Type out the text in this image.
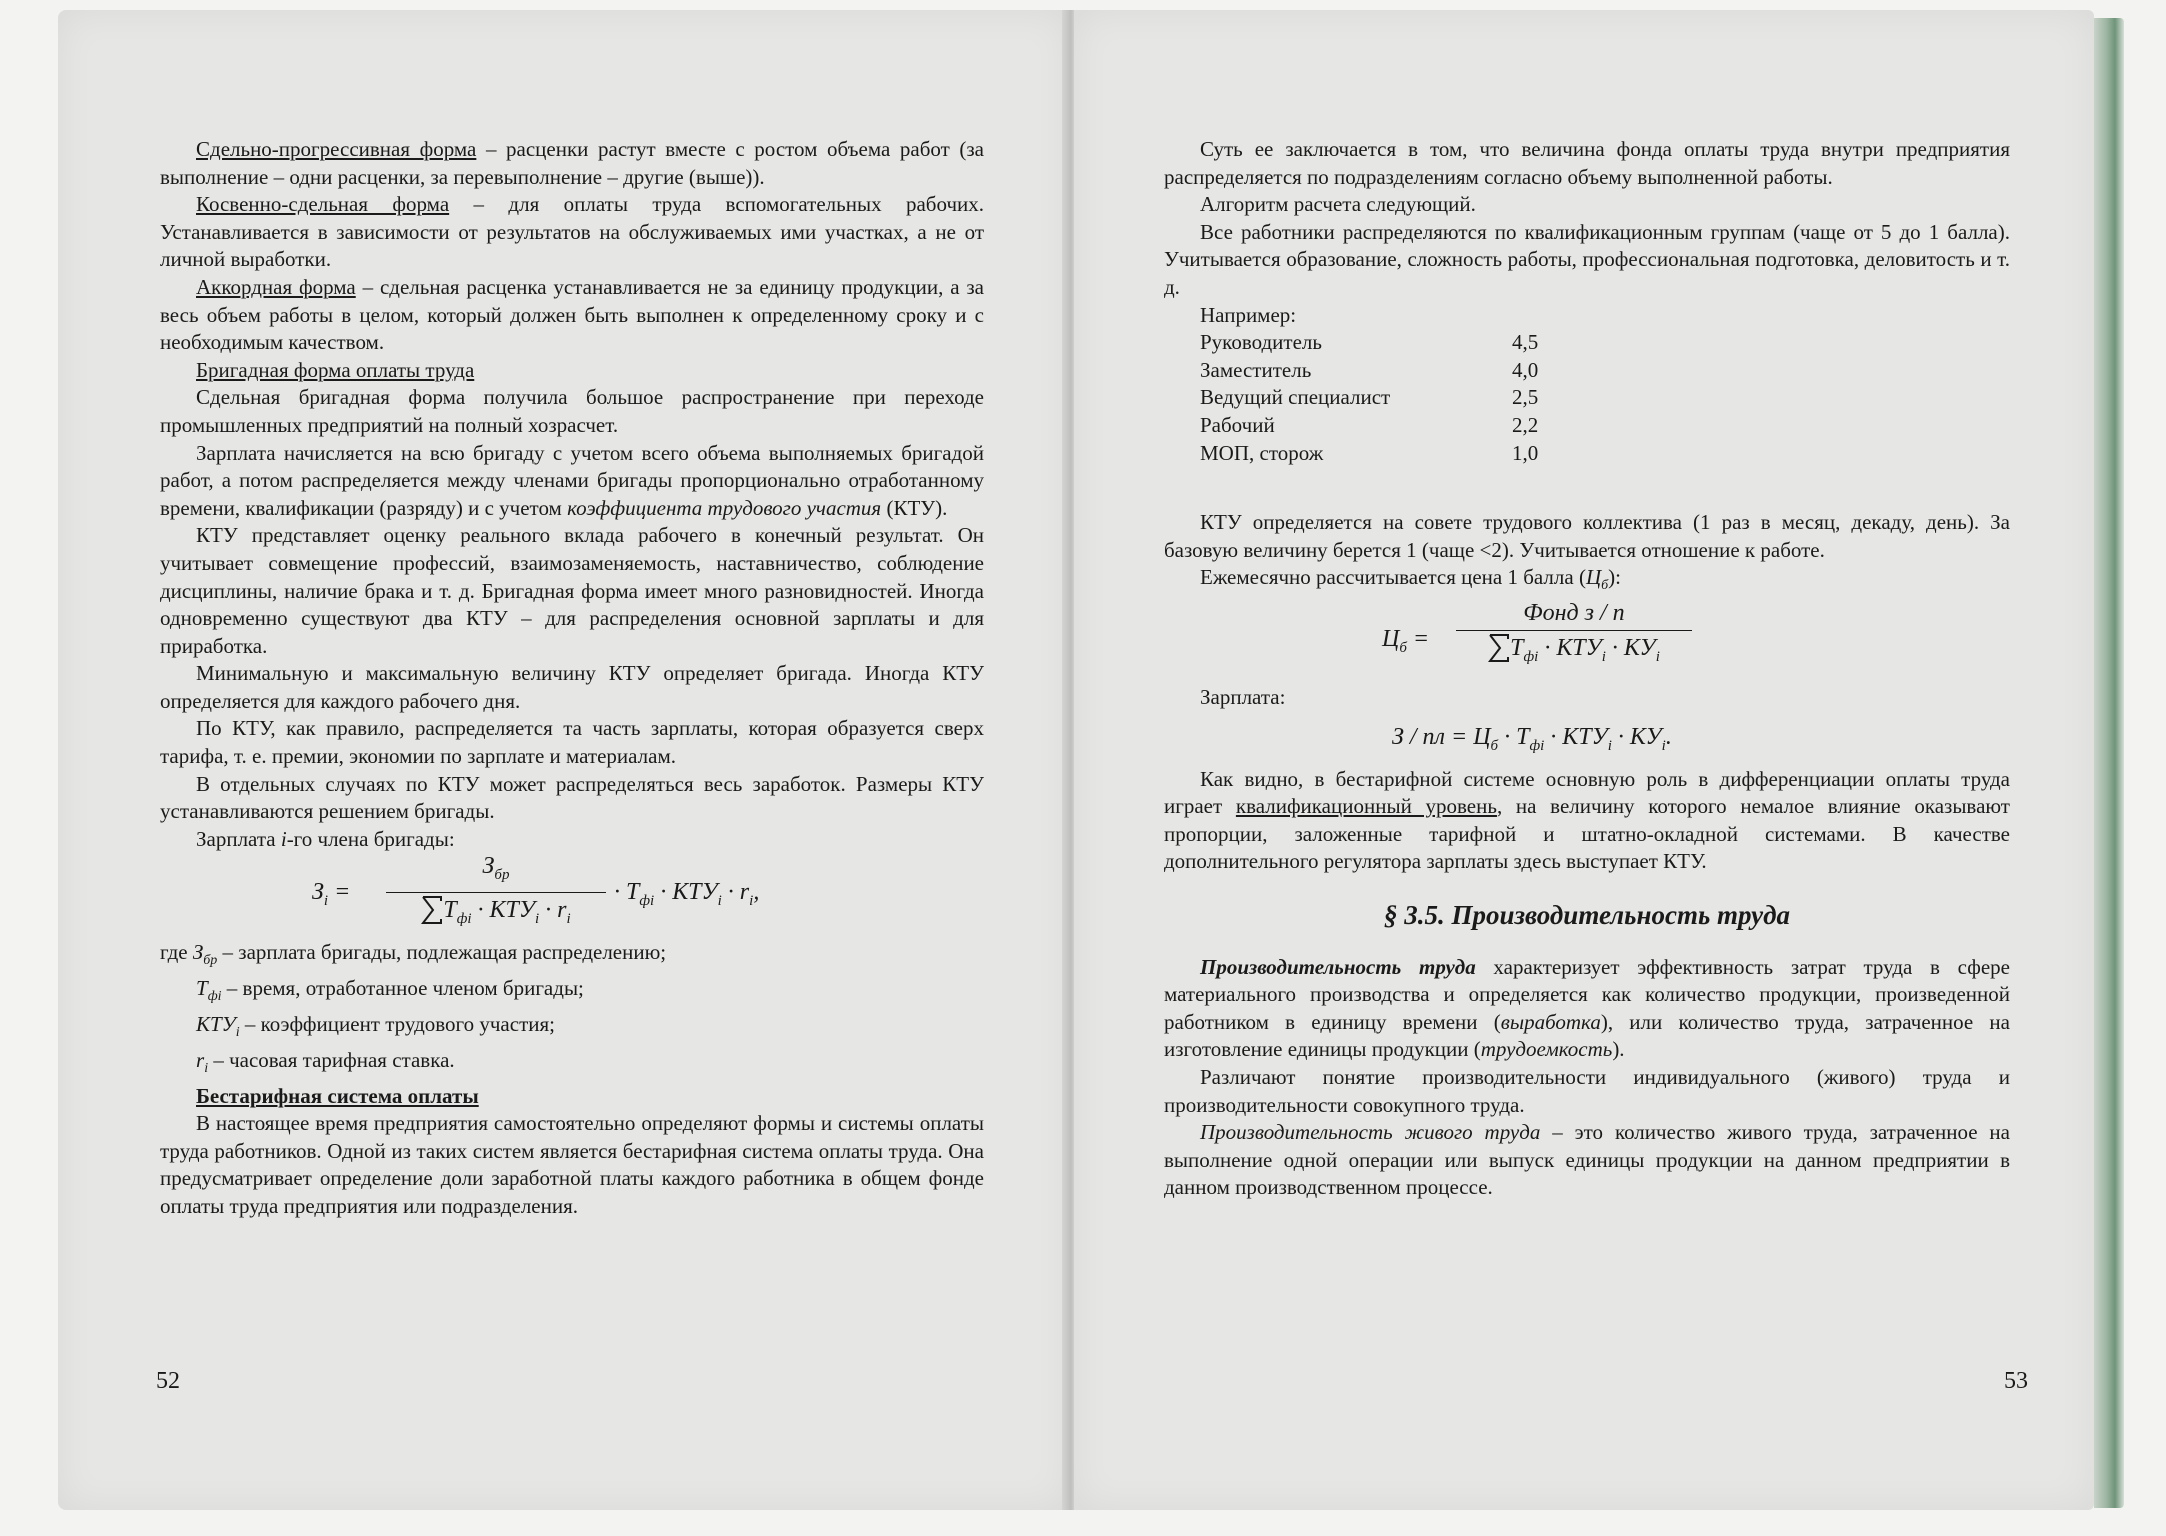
Сдельно-прогрессивная форма – расценки растут вместе с ростом объема работ (за выполнение – одни расценки, за перевыполнение – другие (выше)).

Косвенно-сдельная форма – для оплаты труда вспомогательных рабочих. Устанавливается в зависимости от результатов на обслуживаемых ими участках, а не от личной выработки.

Аккордная форма – сдельная расценка устанавливается не за единицу продукции, а за весь объем работы в целом, который должен быть выполнен к определенному сроку и с необходимым качеством.

Бригадная форма оплаты труда

Сдельная бригадная форма получила большое распространение при переходе промышленных предприятий на полный хозрасчет.

Зарплата начисляется на всю бригаду с учетом всего объема выполняемых бригадой работ, а потом распределяется между членами бригады пропорционально отработанному времени, квалификации (разряду) и с учетом коэффициента трудового участия (КТУ).

КТУ представляет оценку реального вклада рабочего в конечный результат. Он учитывает совмещение профессий, взаимозаменяемость, наставничество, соблюдение дисциплины, наличие брака и т. д. Бригадная форма имеет много разновидностей. Иногда одновременно существуют два КТУ – для распределения основной зарплаты и для приработка.

Минимальную и максимальную величину КТУ определяет бригада. Иногда КТУ определяется для каждого рабочего дня.

По КТУ, как правило, распределяется та часть зарплаты, которая образуется сверх тарифа, т. е. премии, экономии по зарплате и материалам.

В отдельных случаях по КТУ может распределяться весь заработок. Размеры КТУ устанавливаются решением бригады.

Зарплата i-го члена бригады:

$З_i$ =
$З_{бр}$
$T_{фi} \cdot КТУ_i \cdot r_i$
· $T_{фi} \cdot КТУ_i \cdot r_i$,

где $З_{бр}$ – зарплата бригады, подлежащая распределению;

$Т_{фi}$ – время, отработанное членом бригады;

$КТУ_i$ – коэффициент трудового участия;

$r_i$ – часовая тарифная ставка.

Бестарифная система оплаты

В настоящее время предприятия самостоятельно определяют формы и системы оплаты труда работников. Одной из таких систем является бестарифная система оплаты труда. Она предусматривает определение доли заработной платы каждого работника в общем фонде оплаты труда предприятия или подразделения.

52

Суть ее заключается в том, что величина фонда оплаты труда внутри предприятия распределяется по подразделениям согласно объему выполненной работы.

Алгоритм расчета следующий.

Все работники распределяются по квалификационным группам (чаще от 5 до 1 балла). Учитывается образование, сложность работы, профессиональная подготовка, деловитость и т. д.

Например:

Руководитель	4,5
Заместитель	4,0
Ведущий специалист	2,5
Рабочий	2,2
МОП, сторож	1,0

КТУ определяется на совете трудового коллектива (1 раз в месяц, декаду, день). За базовую величину берется 1 (чаще <2). Учитывается отношение к работе.

Ежемесячно рассчитывается цена 1 балла $(Ц_б)$:

$Ц_б$ =
Фонд з / п
$T_{фi} \cdot КТУ_i \cdot КУ_i$

Зарплата:

З / пл = $Ц_б \cdot Т_{фi} \cdot КТУ_i \cdot КУ_i$.

Как видно, в бестарифной системе основную роль в дифференциации оплаты труда играет квалификационный уровень, на величину которого немалое влияние оказывают пропорции, заложенные тарифной и штатно-окладной системами. В качестве дополнительного регулятора зарплаты здесь выступает КТУ.

§ 3.5. Производительность труда

Производительность труда характеризует эффективность затрат труда в сфере материального производства и определяется как количество продукции, произведенной работником в единицу времени (выработка), или количество труда, затраченное на изготовление единицы продукции (трудоемкость).

Различают понятие производительности индивидуального (живого) труда и производительности совокупного труда.

Производительность живого труда – это количество живого труда, затраченное на выполнение одной операции или выпуск единицы продукции на данном предприятии в данном производственном процессе.

53
